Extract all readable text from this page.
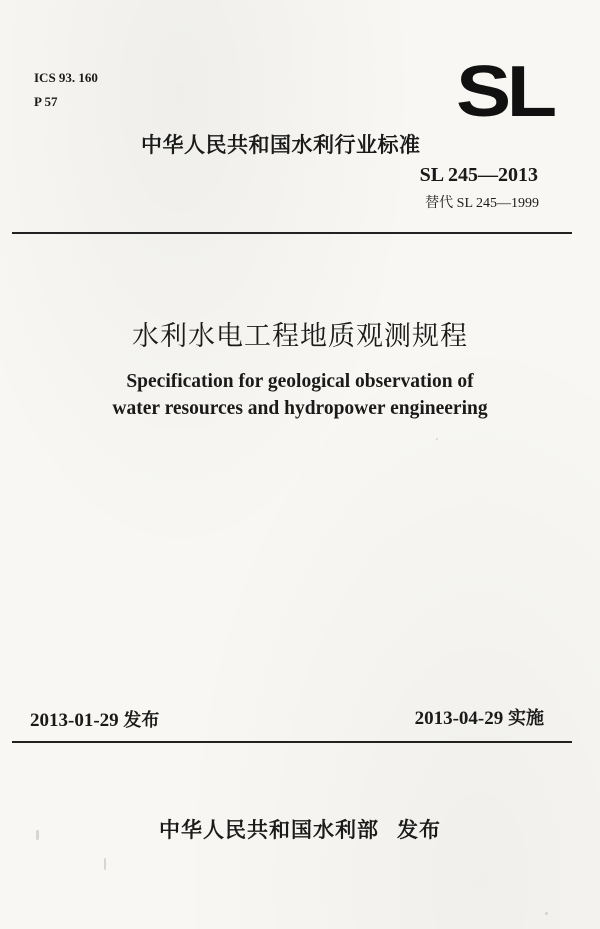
ICS 93. 160
P 57	SL
中华人民共和国水利行业标准
SL 245—2013
替代 SL 245—1999
水利水电工程地质观测规程
Specification for geological observation of
water resources and hydropower engineering
2013-01-29 发布	2013-04-29 实施
中华人民共和国水利部 发布
